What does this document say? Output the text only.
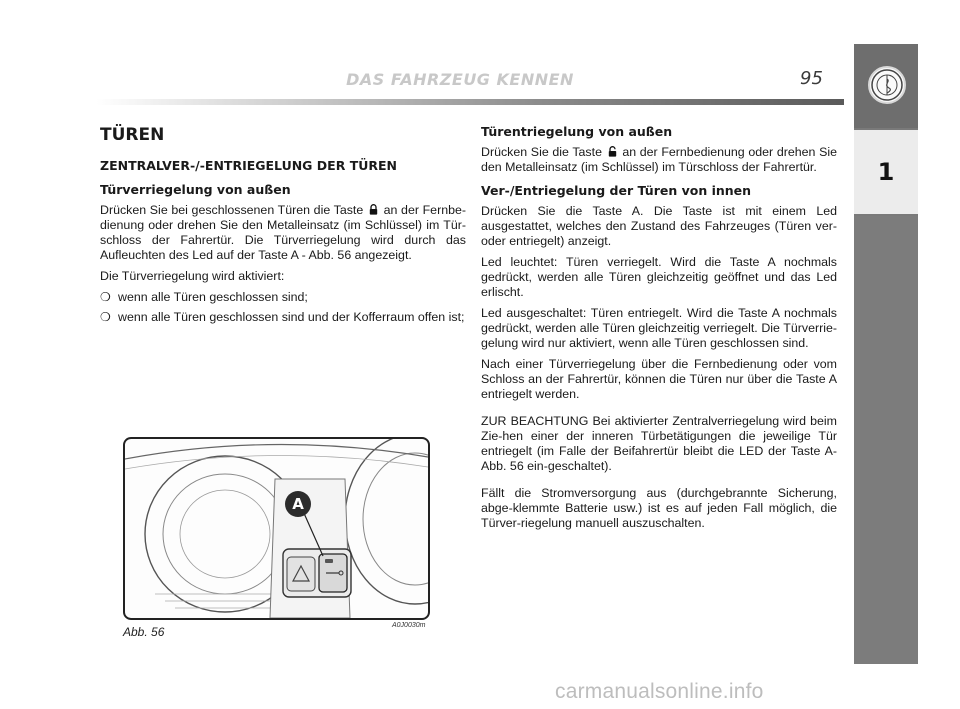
DAS FAHRZEUG KENNEN	95
1
TÜREN
ZENTRALVER-/-ENTRIEGELUNG DER TÜREN
Türverriegelung von außen

Drücken Sie bei geschlossenen Türen die Taste an der Fernbe-dienung oder drehen Sie den Metalleinsatz (im Schlüssel) im Tür-schloss der Fahrertür. Die Türverriegelung wird durch das Aufleuchten des Led auf der Taste A - Abb. 56 angezeigt.

Die Türverriegelung wird aktiviert:

❍ wenn alle Türen geschlossen sind;
❍ wenn alle Türen geschlossen sind und der Kofferraum offen ist;
Türentriegelung von außen

Drücken Sie die Taste an der Fernbedienung oder drehen Sie den Metalleinsatz (im Schlüssel) im Türschloss der Fahrertür.

Ver-/Entriegelung der Türen von innen

Drücken Sie die Taste A. Die Taste ist mit einem Led ausgestattet, welches den Zustand des Fahrzeuges (Türen ver- oder entriegelt) anzeigt.

Led leuchtet: Türen verriegelt. Wird die Taste A nochmals gedrückt, werden alle Türen gleichzeitig geöffnet und das Led erlischt.

Led ausgeschaltet: Türen entriegelt. Wird die Taste A nochmals gedrückt, werden alle Türen gleichzeitig verriegelt. Die Türverrie-gelung wird nur aktiviert, wenn alle Türen geschlossen sind.

Nach einer Türverriegelung über die Fernbedienung oder vom Schloss an der Fahrertür, können die Türen nur über die Taste A entriegelt werden.

ZUR BEACHTUNG Bei aktivierter Zentralverriegelung wird beim Zie-hen einer der inneren Türbetätigungen die jeweilige Tür entriegelt (im Falle der Beifahrertür bleibt die LED der Taste A-Abb. 56 ein-geschaltet).

Fällt die Stromversorgung aus (durchgebrannte Sicherung, abge-klemmte Batterie usw.) ist es auf jeden Fall möglich, die Türver-riegelung manuell auszuschalten.

A
Abb. 56	A0J0030m
carmanualsonline.info
